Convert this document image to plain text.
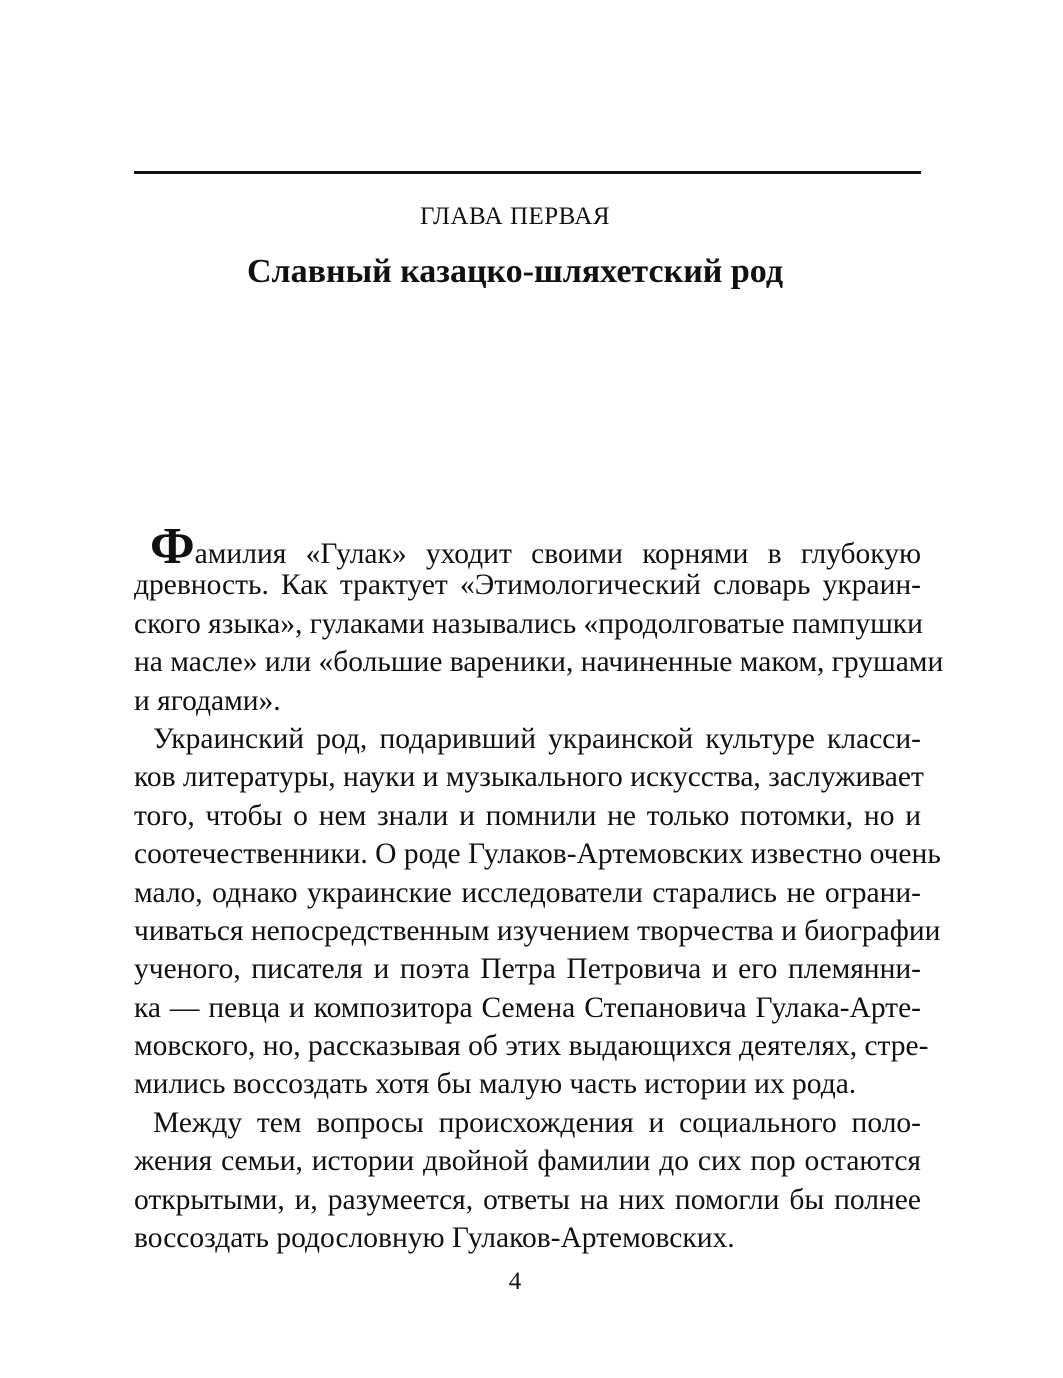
ГЛАВА ПЕРВАЯ
Славный казацко-шляхетский род
Фамилия «Гулак» уходит своими корнями в глубокую
древность. Как трактует «Этимологический словарь украин-
ского языка», гулаками назывались «продолговатые пампушки
на масле» или «большие вареники, начиненные маком, грушами
и ягодами».
Украинский род, подаривший украинской культуре класси-
ков литературы, науки и музыкального искусства, заслуживает
того, чтобы о нем знали и помнили не только потомки, но и
соотечественники. О роде Гулаков-Артемовских известно очень
мало, однако украинские исследователи старались не ограни-
чиваться непосредственным изучением творчества и биографии
ученого, писателя и поэта Петра Петровича и его племянни-
ка — певца и композитора Семена Степановича Гулака-Арте-
мовского, но, рассказывая об этих выдающихся деятелях, стре-
мились воссоздать хотя бы малую часть истории их рода.
Между тем вопросы происхождения и социального поло-
жения семьи, истории двойной фамилии до сих пор остаются
открытыми, и, разумеется, ответы на них помогли бы полнее
воссоздать родословную Гулаков-Артемовских.
4
